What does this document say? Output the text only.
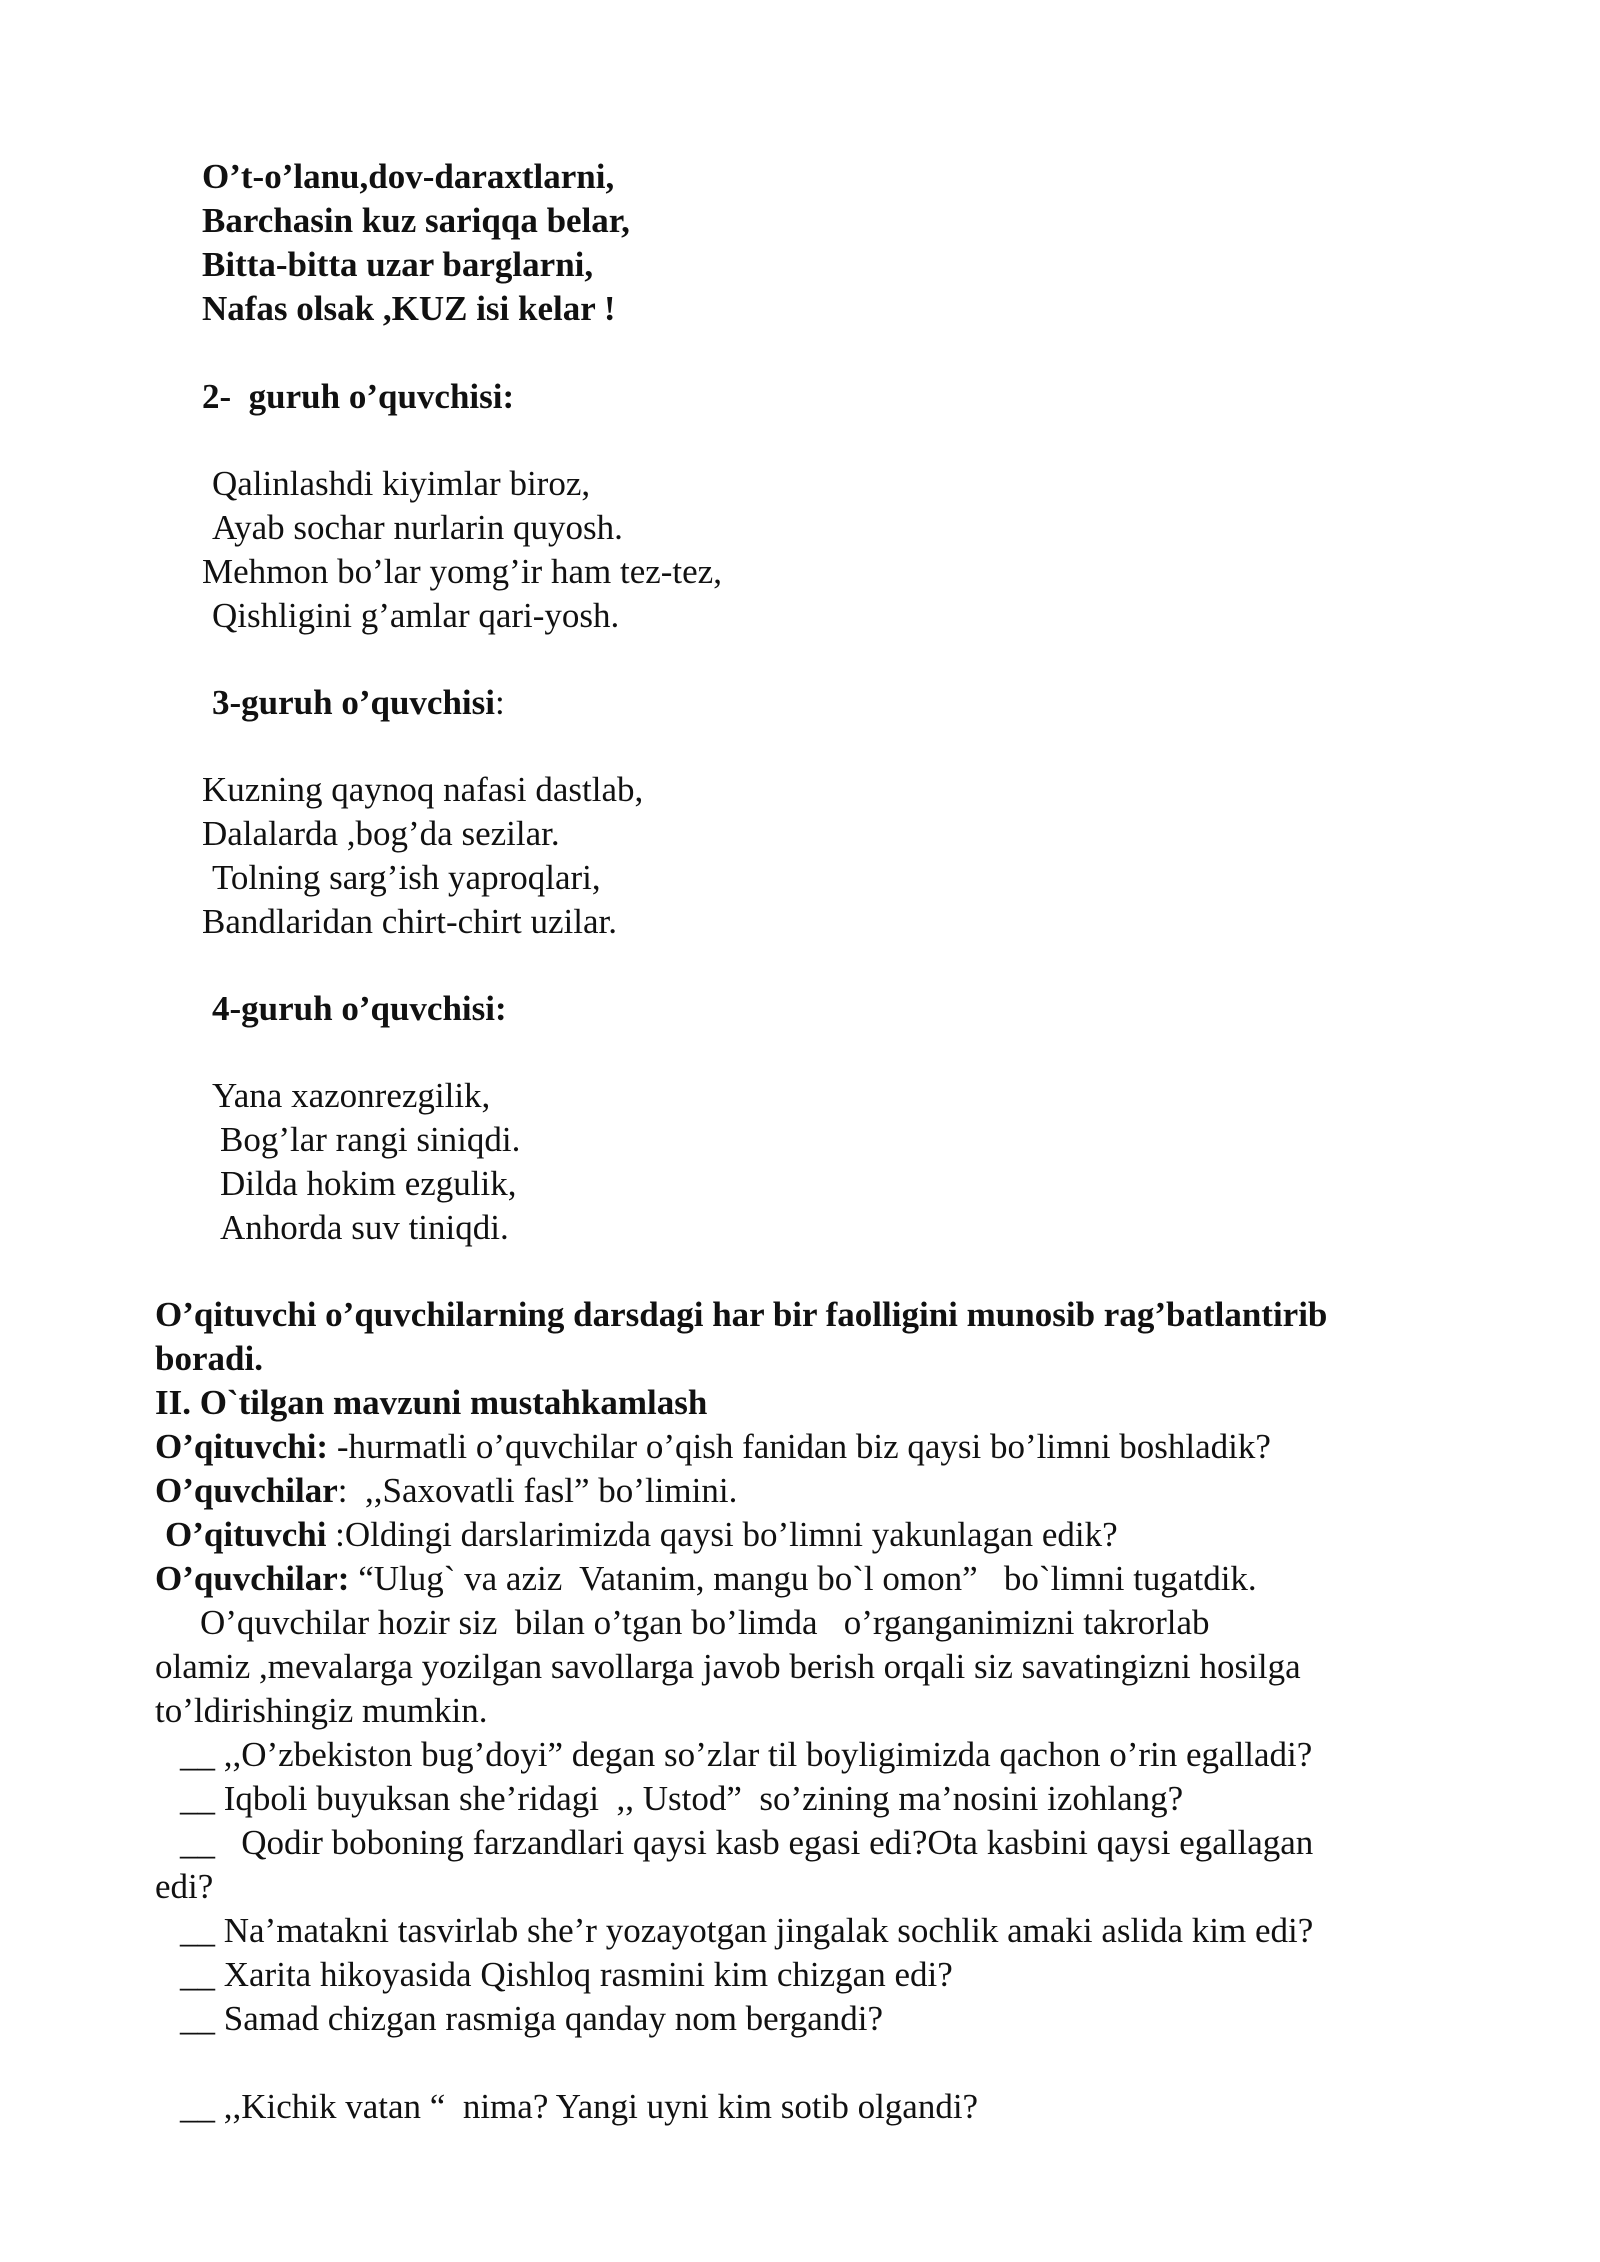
O’t-o’lanu,dov-daraxtlarni,

Barchasin kuz sariqqa belar,

Bitta-bitta uzar barglarni,

Nafas olsak ,KUZ isi kelar !

2-  guruh o’quvchisi:

Qalinlashdi kiyimlar biroz,

Ayab sochar nurlarin quyosh.

Mehmon bo’lar yomg’ir ham tez-tez,

Qishligini g’amlar qari-yosh.

3-guruh o’quvchisi:

Kuzning qaynoq nafasi dastlab,

Dalalarda ,bog’da sezilar.

Tolning sarg’ish yaproqlari,

Bandlaridan chirt-chirt uzilar.

4-guruh o’quvchisi:

Yana xazonrezgilik,

Bog’lar rangi siniqdi.

Dilda hokim ezgulik,

Anhorda suv tiniqdi.

O’qituvchi o’quvchilarning darsdagi har bir faolligini munosib rag’batlantirib

boradi.

II. O`tilgan mavzuni mustahkamlash

O’qituvchi: -hurmatli o’quvchilar o’qish fanidan biz qaysi bo’limni boshladik?

O’quvchilar:  ,,Saxovatli fasl” bo’limini.

O’qituvchi :Oldingi darslarimizda qaysi bo’limni yakunlagan edik?

O’quvchilar: “Ulug` va aziz  Vatanim, mangu bo`l omon”   bo`limni tugatdik.

O’quvchilar hozir siz  bilan o’tgan bo’limda   o’rganganimizni takrorlab

olamiz ,mevalarga yozilgan savollarga javob berish orqali siz savatingizni hosilga

to’ldirishingiz mumkin.

__ ,,O’zbekiston bug’doyi” degan so’zlar til boyligimizda qachon o’rin egalladi?

__ Iqboli buyuksan she’ridagi  ,, Ustod”  so’zining ma’nosini izohlang?

__   Qodir boboning farzandlari qaysi kasb egasi edi?Ota kasbini qaysi egallagan

edi?

__ Na’matakni tasvirlab she’r yozayotgan jingalak sochlik amaki aslida kim edi?

__ Xarita hikoyasida Qishloq rasmini kim chizgan edi?

__ Samad chizgan rasmiga qanday nom bergandi?

__ ,,Kichik vatan “  nima? Yangi uyni kim sotib olgandi?
